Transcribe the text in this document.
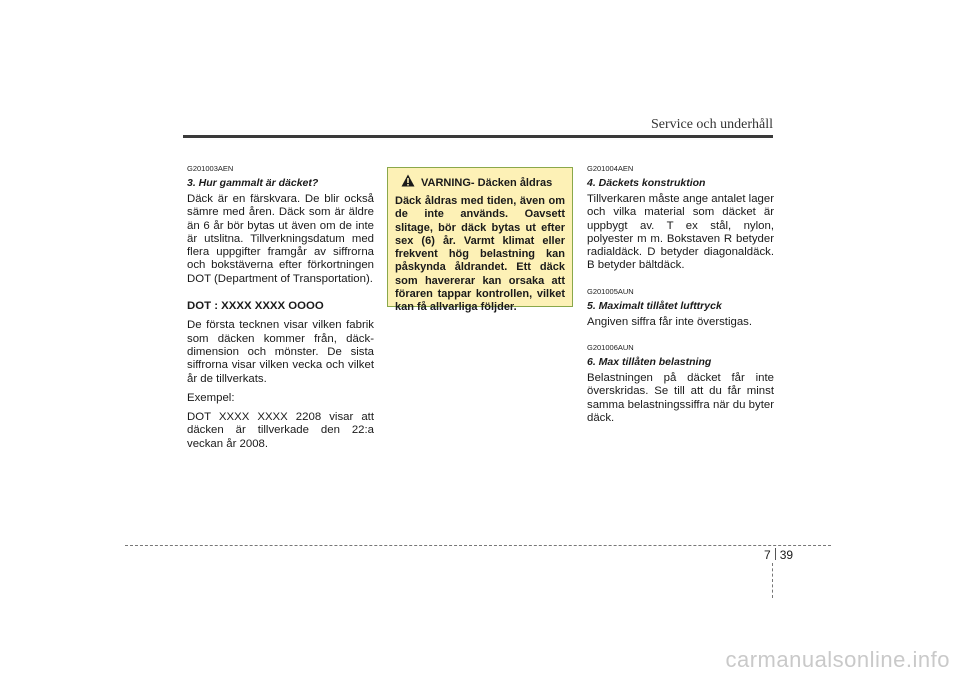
Service och underhåll

G201003AEN

3. Hur gammalt är däcket?

Däck är en färskvara. De blir också sämre med åren. Däck som är äldre än 6 år bör bytas ut även om de inte är utslitna. Tillverkningsdatum med flera uppgifter framgår av siffrorna och bokstäverna efter förkortningen DOT (Department of Transportation).

DOT : XXXX XXXX OOOO

De första tecknen visar vilken fabrik som däcken kommer från, däck-dimension och mönster. De sista siffrorna visar vilken vecka och vilket år de tillverkats.

Exempel:

DOT XXXX XXXX 2208 visar att däcken är tillverkade den 22:a veckan år 2008.

VARNING- Däcken åldras

Däck åldras med tiden, även om de inte används. Oavsett slitage, bör däck bytas ut efter sex (6) år. Varmt klimat eller frekvent hög belastning kan påskynda åldrandet. Ett däck som havererar kan orsaka att föraren tappar kontrollen, vilket kan få allvarliga följder.

G201004AEN

4. Däckets konstruktion

Tillverkaren måste ange antalet lager och vilka material som däcket är uppbygt av. T ex stål, nylon, polyester m m. Bokstaven R betyder radialdäck. D betyder diagonaldäck. B betyder bältdäck.

G201005AUN

5. Maximalt tillåtet lufttryck

Angiven siffra får inte överstigas.

G201006AUN

6. Max tillåten belastning

Belastningen på däcket får inte överskridas. Se till att du får minst samma belastningssiffra när du byter däck.

7 39
carmanualsonline.info
